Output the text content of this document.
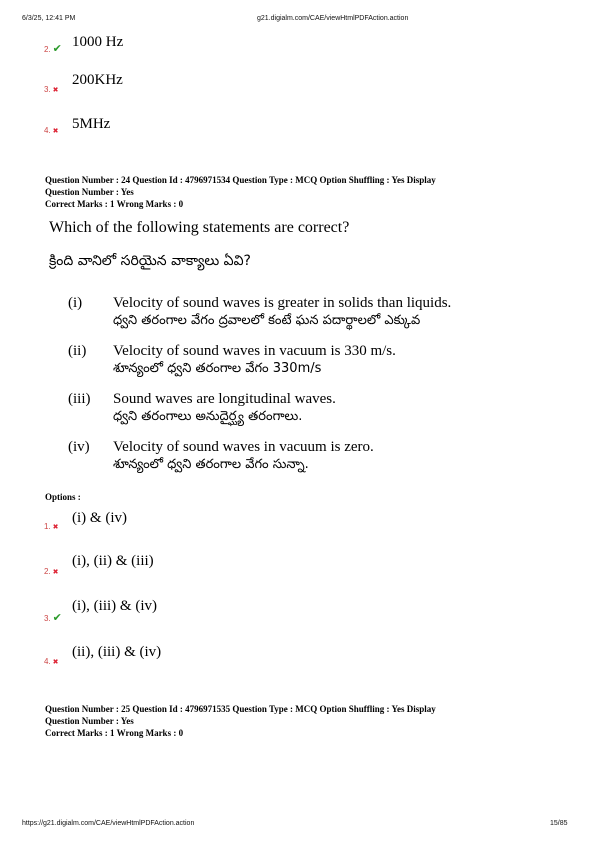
6/3/25, 12:41 PM	g21.digialm.com/CAE/viewHtmlPDFAction.action
2. ✔ 1000 Hz
3. ✖
200KHz
4. ✖ 5MHz
Question Number : 24 Question Id : 4796971534 Question Type : MCQ Option Shuffling : Yes Display
Question Number : Yes
Correct Marks : 1 Wrong Marks : 0
Which of the following statements are correct?
క్రింది వానిలో సరియైన వాక్యాలు ఏవి?
(i) Velocity of sound waves is greater in solids than liquids.
ధ్వని తరంగాల వేగం ద్రవాలలో కంటే ఘన పదార్థాలలో ఎక్కువ
(ii) Velocity of sound waves in vacuum is 330 m/s.
శూన్యంలో ధ్వని తరంగాల వేగం 330m/s
(iii) Sound waves are longitudinal waves.
ధ్వని తరంగాలు అనుదైర్ఘ్య తరంగాలు.
(iv) Velocity of sound waves in vacuum is zero.
శూన్యంలో ధ్వని తరంగాల వేగం సున్నా.
Options :
1. ✖
(i) & (iv)
2. ✖
(i), (ii) & (iii)
3. ✔
(i), (iii) & (iv)
4. ✖
(ii), (iii) & (iv)
Question Number : 25 Question Id : 4796971535 Question Type : MCQ Option Shuffling : Yes Display
Question Number : Yes
Correct Marks : 1 Wrong Marks : 0
https://g21.digialm.com/CAE/viewHtmlPDFAction.action	15/85
